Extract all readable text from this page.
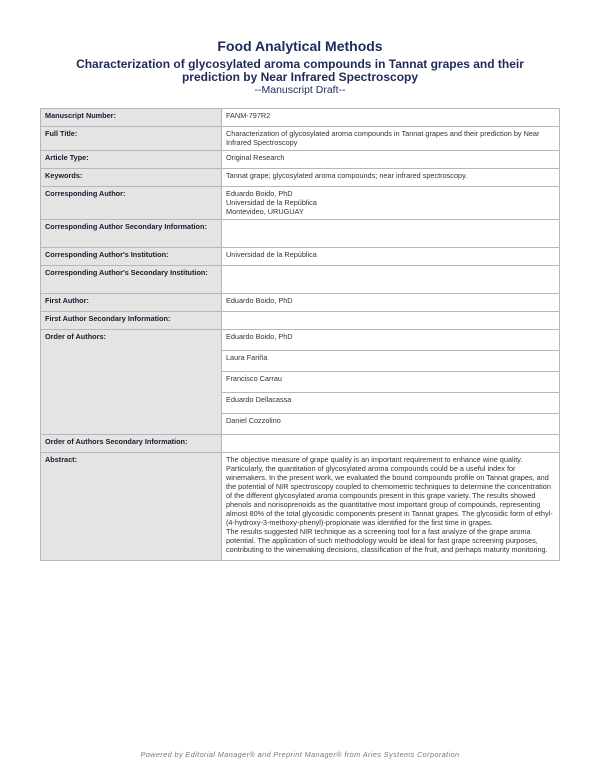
Food Analytical Methods
Characterization of glycosylated aroma compounds in Tannat grapes and their prediction by Near Infrared Spectroscopy
--Manuscript Draft--
Manuscript Number:	FANM-797R2
Full Title:	Characterization of glycosylated aroma compounds in Tannat grapes and their prediction by Near Infrared Spectroscopy
Article Type:	Original Research
Keywords:	Tannat grape; glycosylated aroma compounds; near infrared spectroscopy.
Corresponding Author:	Eduardo Boido, PhD
Universidad de la República
Montevideo, URUGUAY

Corresponding Author Secondary Information:	
Corresponding Author's Institution:	Universidad de la República
Corresponding Author's Secondary Institution:	
First Author:	Eduardo Boido, PhD
First Author Secondary Information:	
Order of Authors:	Eduardo Boido, PhD
	Laura Fariña
	Francisco Carrau
	Eduardo Dellacassa
	Daniel Cozzolino
Order of Authors Secondary Information:	
Abstract:	The objective measure of grape quality is an important requirement to enhance wine quality. Particularly, the quantitation of glycosylated aroma compounds could be a useful index for winemakers. In the present work, we evaluated the bound compounds profile on Tannat grapes, and the potential of NIR spectroscopy coupled to chemometric techniques to determine the concentration of the different glycosylated aroma compounds present in this grape variety. The results showed phenols and norisoprenoids as the quantitative most important group of compounds, representing almost 80% of the total glycosidic components present in Tannat grapes. The glycosidic form of ethyl-(4-hydroxy-3-methoxy-phenyl)-propionate was identified for the first time in grapes.
The results suggested NIR technique as a screening tool for a fast analyze of the grape aroma potential. The application of such methodology would be ideal for fast grape screening purposes, contributing to the winemaking decisions, classification of the fruit, and perhaps maturity monitoring.
Powered by Editorial Manager® and Preprint Manager® from Aries Systems Corporation
